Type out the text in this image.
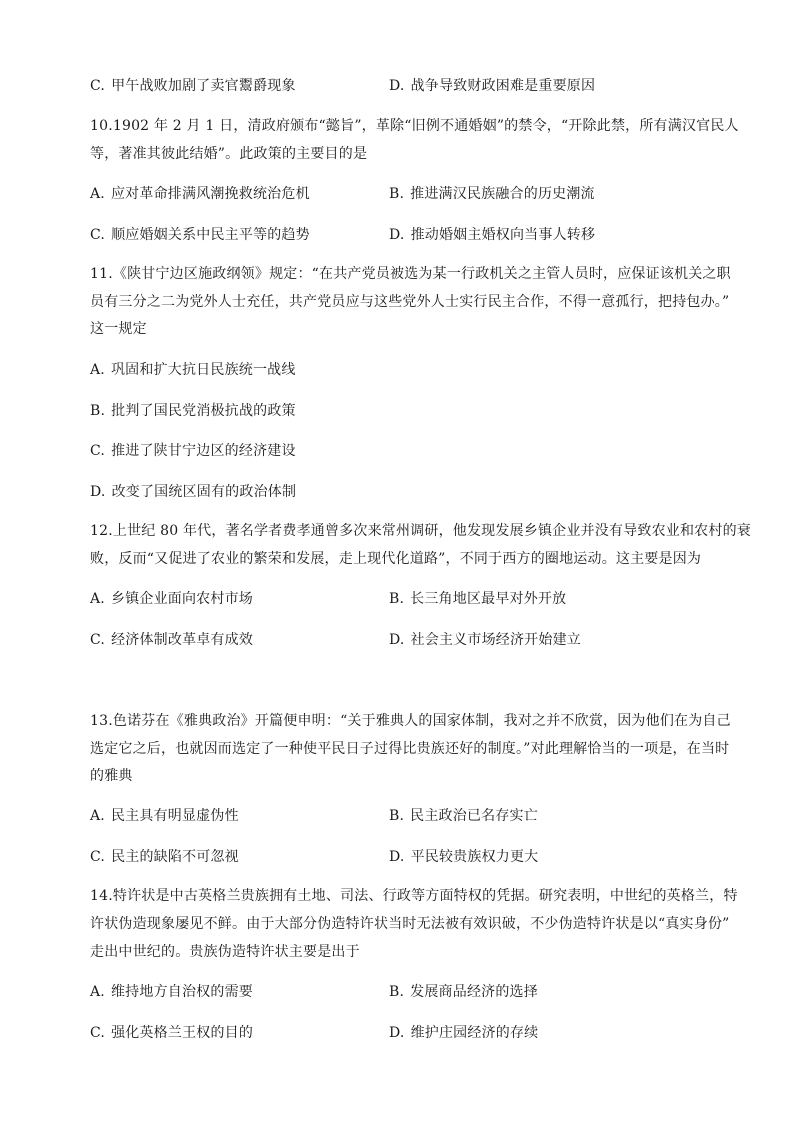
C. 甲午战败加剧了卖官鬻爵现象	D. 战争导致财政困难是重要原因
10.1902 年 2 月 1 日，清政府颁布“懿旨”，革除“旧例不通婚姻”的禁令，“开除此禁，所有满汉官民人
等，著准其彼此结婚”。此政策的主要目的是
A. 应对革命排满风潮挽救统治危机	B. 推进满汉民族融合的历史潮流
C. 顺应婚姻关系中民主平等的趋势	D. 推动婚姻主婚权向当事人转移
11.《陕甘宁边区施政纲领》规定：“在共产党员被选为某一行政机关之主管人员时，应保证该机关之职
员有三分之二为党外人士充任，共产党员应与这些党外人士实行民主合作，不得一意孤行，把持包办。”
这一规定
A. 巩固和扩大抗日民族统一战线
B. 批判了国民党消极抗战的政策
C. 推进了陕甘宁边区的经济建设
D. 改变了国统区固有的政治体制
12.上世纪 80 年代，著名学者费孝通曾多次来常州调研，他发现发展乡镇企业并没有导致农业和农村的衰
败，反而“又促进了农业的繁荣和发展，走上现代化道路”，不同于西方的圈地运动。这主要是因为
A. 乡镇企业面向农村市场	B. 长三角地区最早对外开放
C. 经济体制改革卓有成效	D. 社会主义市场经济开始建立
13.色诺芬在《雅典政治》开篇便申明：“关于雅典人的国家体制，我对之并不欣赏，因为他们在为自己
选定它之后，也就因而选定了一种使平民日子过得比贵族还好的制度。”对此理解恰当的一项是，在当时
的雅典
A. 民主具有明显虚伪性	B. 民主政治已名存实亡
C. 民主的缺陷不可忽视	D. 平民较贵族权力更大
14.特许状是中古英格兰贵族拥有土地、司法、行政等方面特权的凭据。研究表明，中世纪的英格兰，特
许状伪造现象屡见不鲜。由于大部分伪造特许状当时无法被有效识破，不少伪造特许状是以“真实身份”
走出中世纪的。贵族伪造特许状主要是出于
A. 维持地方自治权的需要	B. 发展商品经济的选择
C. 强化英格兰王权的目的	D. 维护庄园经济的存续
